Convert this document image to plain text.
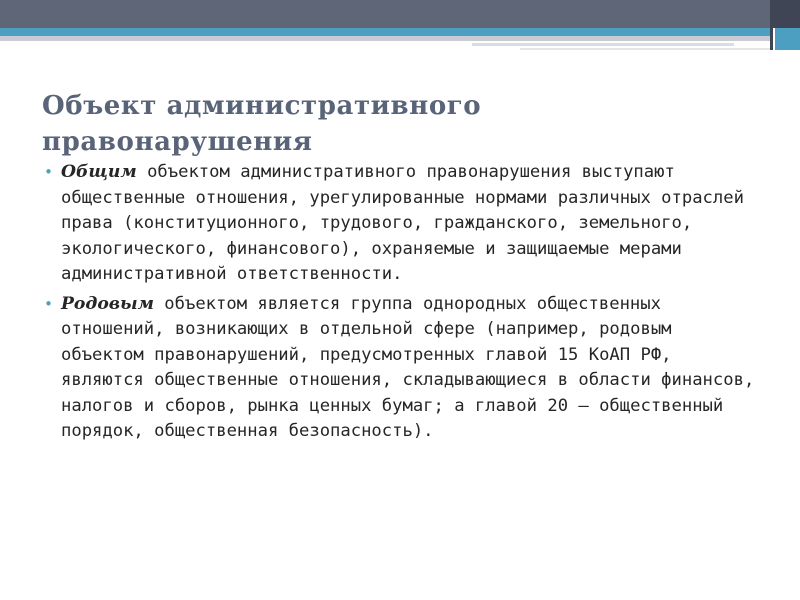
Объект административного
правонарушения
• Общим объектом административного правонарушения выступают общественные отношения, урегулированные нормами различных отраслей права (конституционного, трудового, гражданского, земельного, экологического, финансового), охраняемые и защищаемые мерами административной ответственности.
• Родовым объектом является группа однородных общественных отношений, возникающих в отдельной сфере (например, родовым объектом правонарушений, предусмотренных главой 15 КоАП РФ, являются общественные отношения, складывающиеся в области финансов, налогов и сборов, рынка ценных бумаг; а главой 20 — общественный порядок, общественная безопасность).
